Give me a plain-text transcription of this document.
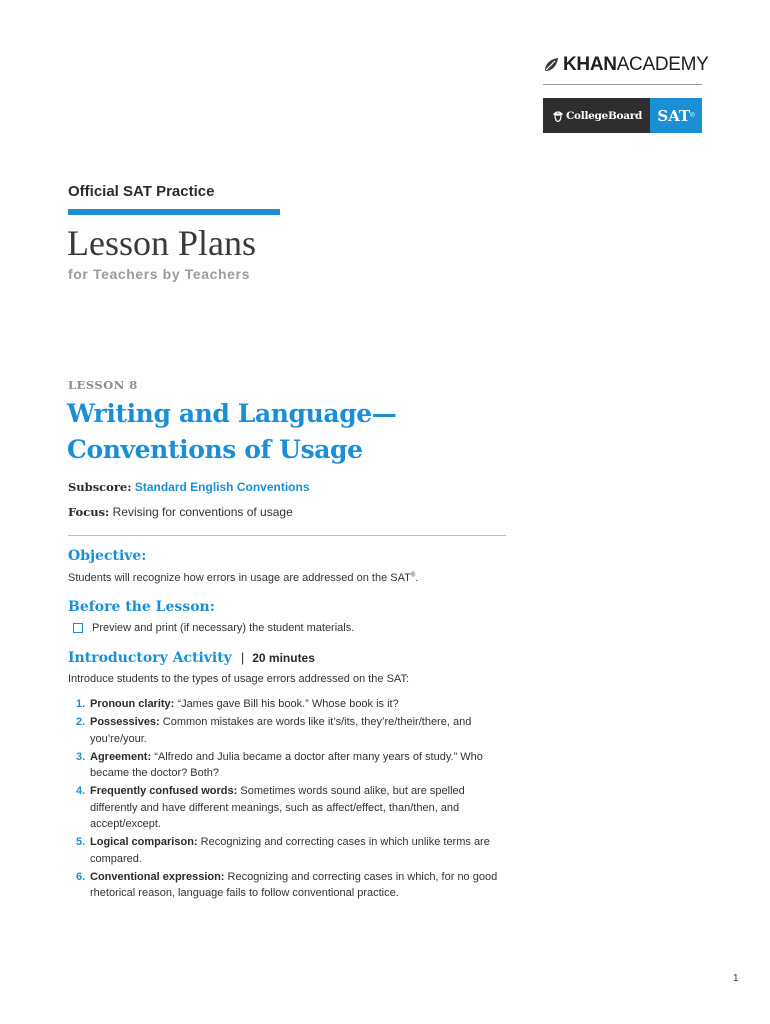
KHAN ACADEMY
CollegeBoard SAT ®
Official SAT Practice
Lesson Plans
for Teachers by Teachers
LESSON 8
Writing and Language—
Conventions of Usage
Subscore: Standard English Conventions
Focus: Revising for conventions of usage
Objective:
Students will recognize how errors in usage are addressed on the SAT®.
Before the Lesson:
Preview and print (if necessary) the student materials.
Introductory Activity | 20 minutes
Introduce students to the types of usage errors addressed on the SAT:
1. Pronoun clarity: “James gave Bill his book.” Whose book is it?
2. Possessives: Common mistakes are words like it’s/its, they’re/their/there, and you’re/your.
3. Agreement: “Alfredo and Julia became a doctor after many years of study.” Who became the doctor? Both?
4. Frequently confused words: Sometimes words sound alike, but are spelled differently and have different meanings, such as affect/effect, than/then, and accept/except.
5. Logical comparison: Recognizing and correcting cases in which unlike terms are compared.
6. Conventional expression: Recognizing and correcting cases in which, for no good rhetorical reason, language fails to follow conventional practice.
1
